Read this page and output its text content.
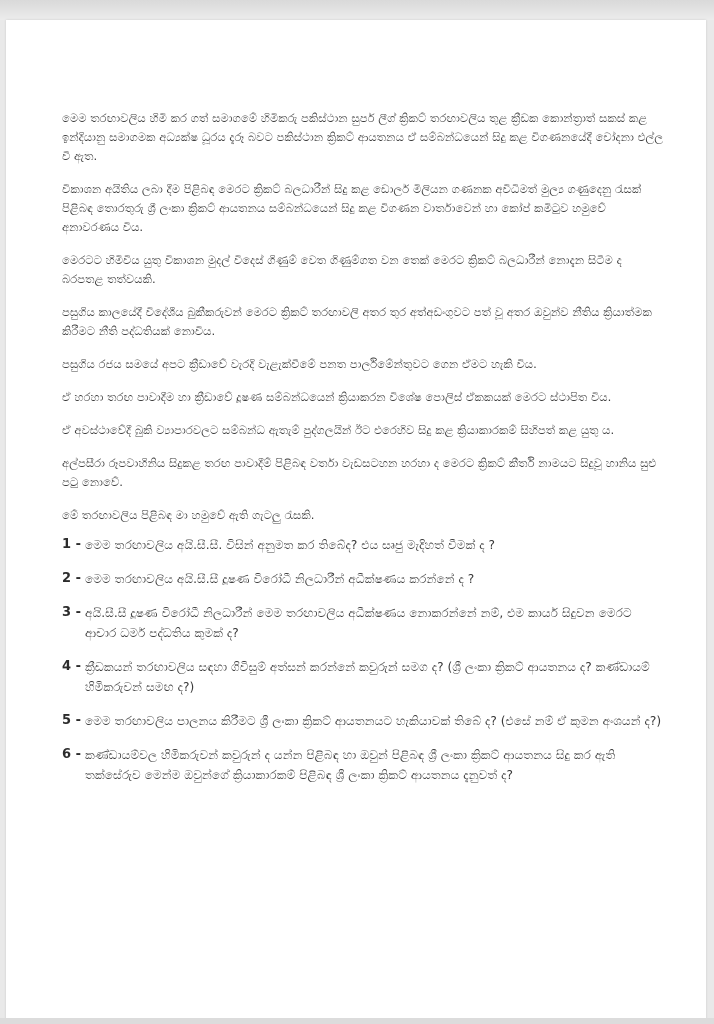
මෙම තරඟාවලිය හිමි කර ගත් සමාගමේ හිමිකරු පකිස්ථාන සුපර් ලීග් ක්‍රිකට් තරඟාවලිය තුළ ක්‍රීඩක කොන්ත්‍රාත් සකස් කළ ඉන්දියානු සමාගමක අධ්‍යක්ෂ ධූරය දැරූ බවට පකිස්ථාන ක්‍රිකට් ආයතනය ඒ සම්බන්ධයෙන් සිදු කළ විගණනයේදී චෝදනා එල්ල වී ඇත.

විකාශන අයිතිය ලබා දීම පිළිබඳ මෙරට ක්‍රිකට් බලධාරීන් සිදු කළ ඩොලර් මිලියන ගණනක අවිධිමත් මුල්‍ය ගණුදෙනු රැසක් පිළිබඳ තොරතුරු ශ්‍රී ලංකා ක්‍රිකට් ආයතනය සම්බන්ධයෙන් සිදු කළ විගණන වාර්තාවෙන් හා කෝප් කමිටුව හමුවේ අනාවරණය විය.

මෙරටට හිමිවිය යුතු විකාශන මුදල් විදෙස් ගිණුම් වෙත ගිණුම්ගත වන තෙක් මෙරට ක්‍රිකට් බලධාරීන් නොදැන සිටීම ද බරපතළ තත්වයකි.

පසුගිය කාලයේදී විදේශීය බුකීකරුවන් මෙරට ක්‍රිකට් තරඟාවලි අතර තුර අත්අඩංගුවට පත් වූ අතර ඔවුන්ව නීතිය ක්‍රියාත්මක කිරීමට නීති පද්ධතියක් නොවිය.

පසුගිය රජය සමයේ අපට ක්‍රීඩාවේ වැරදි වැළැක්වීමේ පනත පාර්ලිමේන්තුවට ගෙන ඒමට හැකි විය.

ඒ හරහා තරඟ පාවාදීම හා ක්‍රීඩාවේ දූෂණ සම්බන්ධයෙන් ක්‍රියාකරන විශේෂ පොලිස් ඒකකයක් මෙරට ස්ථාපිත විය.

ඒ අවස්ථාවේදී බුකි ව්‍යාපාරවලට සම්බන්ධ ඇතැම් පුද්ගලයින් ඊට එරෙහිව සිදු කළ ක්‍රියාකාරකම් සිහිපත් කළ යුතු ය.

අල්පසීරා රූපවාහිනිය සිදුකළ තරඟ පාවාදීම් පිළිබඳ වර්තා වැඩසටහන හරහා ද මෙරට ක්‍රිකට් කීර්ති නාමයට සිදුවූ හානිය සුළු පටු නොවේ.

මේ තරඟාවලිය පිළිබඳ මා හමුවේ ඇති ගැටලු රැසකි.

1 - මෙම තරඟාවලිය අයි.සී.සී. විසින් අනුමත කර තිබේද? එය සෘජු මැදිහත් වීමක් ද ?
2 - මෙම තරඟාවලිය අයි.සී.සී දූෂණ විරෝධී නිලධාරීන් අධීක්ෂණය කරන්නේ ද ?
3 - අයි.සී.සී දූෂණ විරෝධී නිලධාරීන් මෙම තරඟාවලිය අධීක්ෂණය නොකරන්නේ නම්, එම කාර්ය සිදුවන මෙරට ආචාර ධර්ම පද්ධතිය කුමක් ද?
4 - ක්‍රීඩකයන් තරඟාවලිය සඳහා ගිවිසුම් අත්සන් කරන්නේ කවුරුන් සමග ද? (ශ්‍රී ලංකා ක්‍රිකට් ආයතනය ද? කණ්ඩායම් හිමිකරුවන් සමඟ ද?)
5 - මෙම තරඟාවලිය පාලනය කිරීමට ශ්‍රී ලංකා ක්‍රිකට් ආයතනයට හැකියාවක් තිබේ ද? (එසේ නම් ඒ කුමන අංශයන් ද?)
6 - කණ්ඩායම්වල හිමිකරුවන් කවුරුන් ද යන්න පිළිබඳ හා ඔවුන් පිළිබඳ ශ්‍රී ලංකා ක්‍රිකට් ආයතනය සිදු කර ඇති තක්සේරුව මෙන්ම ඔවුන්ගේ ක්‍රියාකාරකම් පිළිබඳ ශ්‍රී ලංකා ක්‍රිකට් ආයතනය දැනුවත් ද?
